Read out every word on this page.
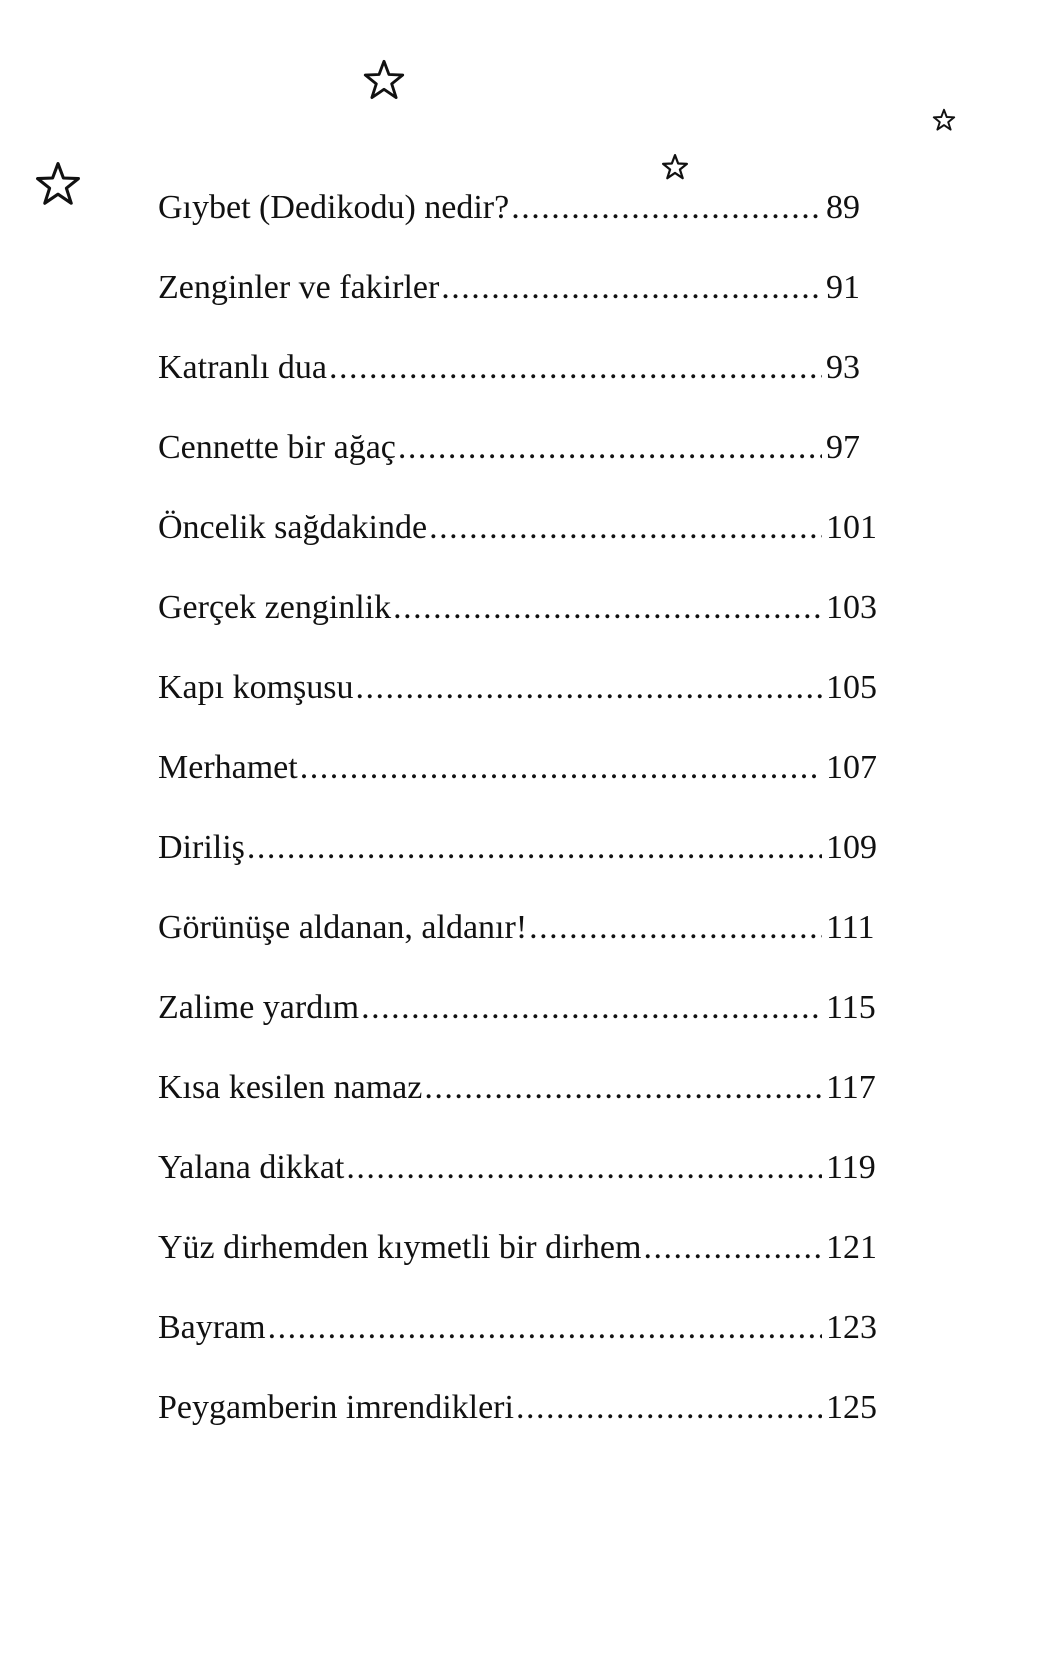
Gıybet (Dedikodu) nedir? .....	89
Zenginler ve fakirler .....	91
Katranlı dua .....	93
Cennette bir ağaç .....	97
Öncelik sağdakinde .....	101
Gerçek zenginlik .....	103
Kapı komşusu .....	105
Merhamet .....	107
Diriliş .....	109
Görünüşe aldanan, aldanır! .....	111
Zalime yardım .....	115
Kısa kesilen namaz .....	117
Yalana dikkat .....	119
Yüz dirhemden kıymetli bir dirhem .....	121
Bayram .....	123
Peygamberin imrendikleri .....	125
